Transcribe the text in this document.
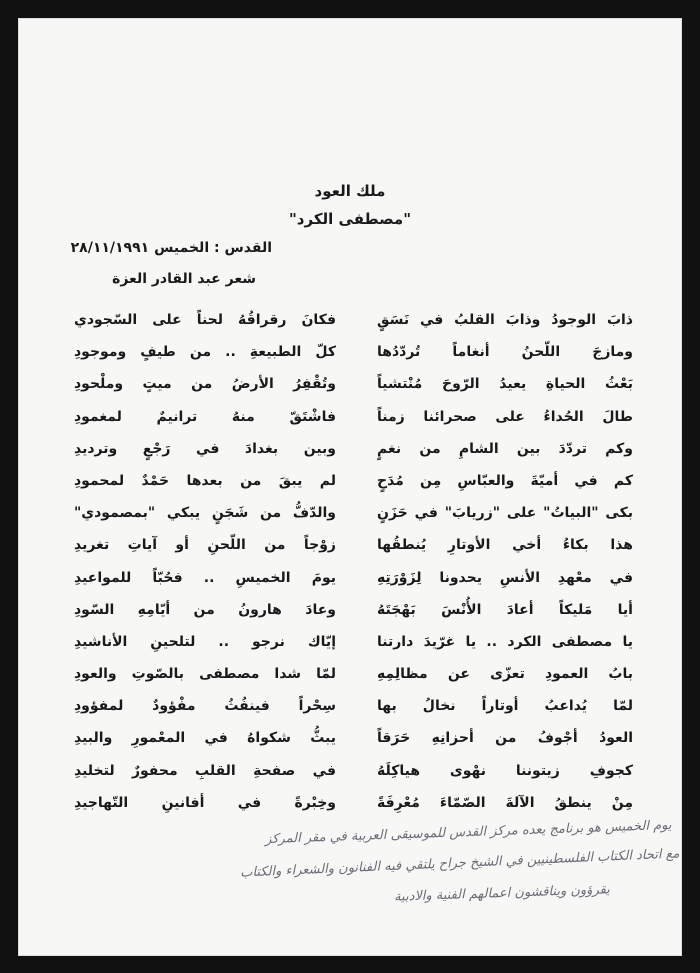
ملك العود
"مصطفى الكرد"
القدس : الخميس ٢٨/١١/١٩٩١
شعر عبد القادر العزة
ذابَ الوجودُ وذابَ القلبُ في نَسَقٍ
ومازجَ اللّحنُ أنغاماً تُردّدُها
بَعْثُ الحياةِ يعيدُ الرّوحَ مُنْتشياً
طالَ الحُداءُ على صحرائنا زمناً
وكم تردّدَ بين الشامِ من نغمٍ
كم في أميّةَ والعبّاسِ مِن مُدَحٍ
بكى "البياتُ" على "زريابَ" في حَزَنٍ
هذا بكاءُ أخي الأوتارِ يُنطقُها
في معْهدِ الأنسِ يحدونا لِزَوْرَتِهِ
أيا مَليكاً أعادَ الأُنْسَ بَهْجَتَهُ
يا مصطفى الكرد .. يا غرّيدَ دارتنا
بابُ العمودِ تعزّى عن مظالِمِهِ
لمّا يُداعبُ أوتاراً نخالُ بها
العودُ أجْوفُ من أحزانِهِ حَرَقاً
كجوفِ زيتوننا نهْوى هياكِلَهُ
مِنْ ينطقُ الآلةَ الصّمّاءَ مُعْرِفَةً
فكانَ رقراقُهُ لحناً على السّجودي
كلّ الطبيعةِ .. من طيفٍ وموجودِ
وتُقْفِرُ الأرضُ من ميتٍ وملْحودِ
فاشْتَقّ منهُ ترانيمٌ لمغمودِ
وبين بغدادَ في رَجْعٍ وترديدِ
لم يبقَ من بعدها حَمْدٌ لمحمودِ
والدّفُّ من شَجَنٍ يبكي "بمصمودي"
زوْجاً من اللّحنِ أو آياتِ تغريدِ
يومَ الخميسِ .. فحُبّاً للمواعيدِ
وعادَ هارونُ من أيّامِهِ السّودِ
إيّاك نرجو .. لتلحينِ الأناشيدِ
لمّا شدا مصطفى بالصّوتِ والعودِ
سِحْراً فينفُثُ مفْؤودٌ لمفؤودِ
يبثُّ شكواهُ في المعْمورِ والبيدِ
في صفحةِ القلبِ محفورٌ لتخليدِ
وخِبْرةً في أفانينِ التّهاجيدِ
يوم الخميس هو برنامج يعده مركز القدس للموسيقى العربية في مقر المركز
مع اتحاد الكتاب الفلسطينيين في الشيخ جراح يلتقي فيه الفنانون والشعراء والكتاب
يقرؤون ويناقشون اعمالهم الفنية والادبية
